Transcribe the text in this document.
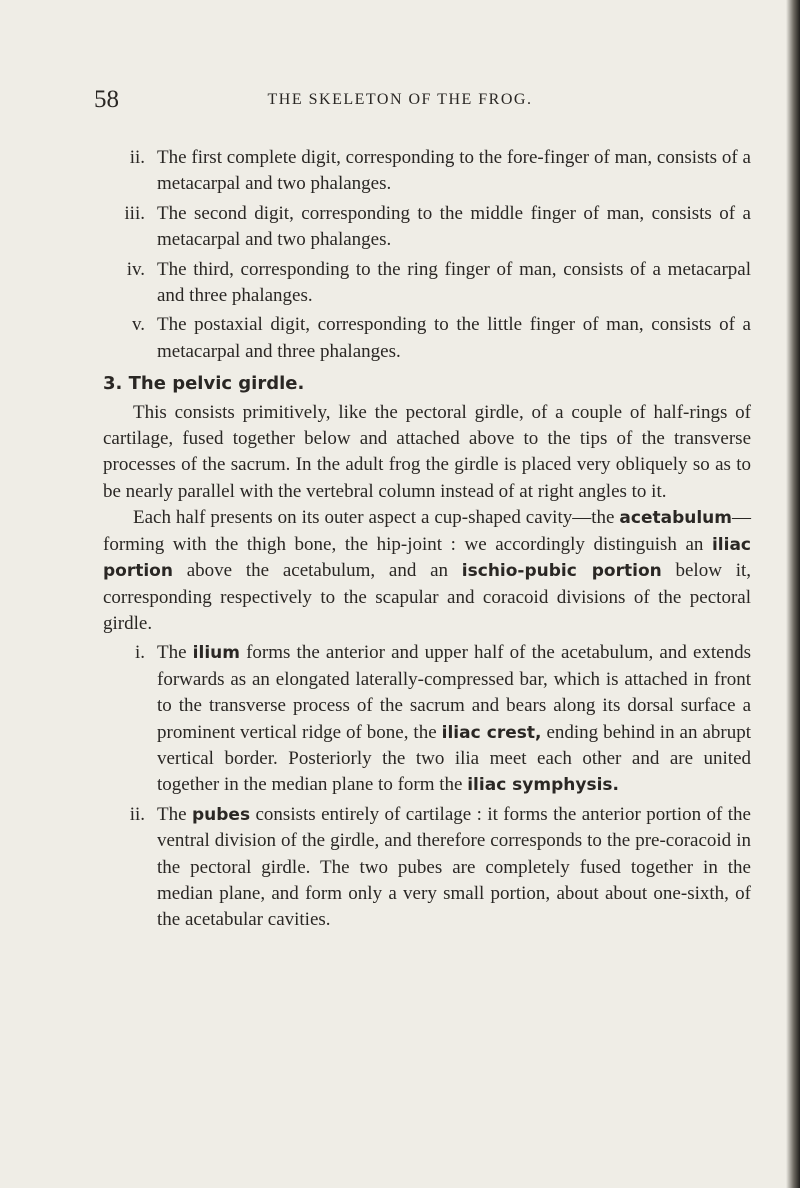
58	THE SKELETON OF THE FROG.
ii. The first complete digit, corresponding to the fore-finger of man, consists of a metacarpal and two phalanges.
iii. The second digit, corresponding to the middle finger of man, consists of a metacarpal and two phalanges.
iv. The third, corresponding to the ring finger of man, consists of a metacarpal and three phalanges.
v. The postaxial digit, corresponding to the little finger of man, consists of a metacarpal and three phalanges.
3. The pelvic girdle.

This consists primitively, like the pectoral girdle, of a couple of half-rings of cartilage, fused together below and attached above to the tips of the transverse processes of the sacrum. In the adult frog the girdle is placed very obliquely so as to be nearly parallel with the vertebral column instead of at right angles to it.

Each half presents on its outer aspect a cup-shaped cavity—the acetabulum—forming with the thigh bone, the hip-joint : we accordingly distinguish an iliac portion above the acetabulum, and an ischio-pubic portion below it, corresponding respectively to the scapular and coracoid divisions of the pectoral girdle.

i. The ilium forms the anterior and upper half of the acetabulum, and extends forwards as an elongated laterally-compressed bar, which is attached in front to the transverse process of the sacrum and bears along its dorsal surface a prominent vertical ridge of bone, the iliac crest, ending behind in an abrupt vertical border. Posteriorly the two ilia meet each other and are united together in the median plane to form the iliac symphysis.
ii. The pubes consists entirely of cartilage : it forms the anterior portion of the ventral division of the girdle, and therefore corresponds to the pre-coracoid in the pectoral girdle. The two pubes are completely fused together in the median plane, and form only a very small portion, about about one-sixth, of the acetabular cavities.
